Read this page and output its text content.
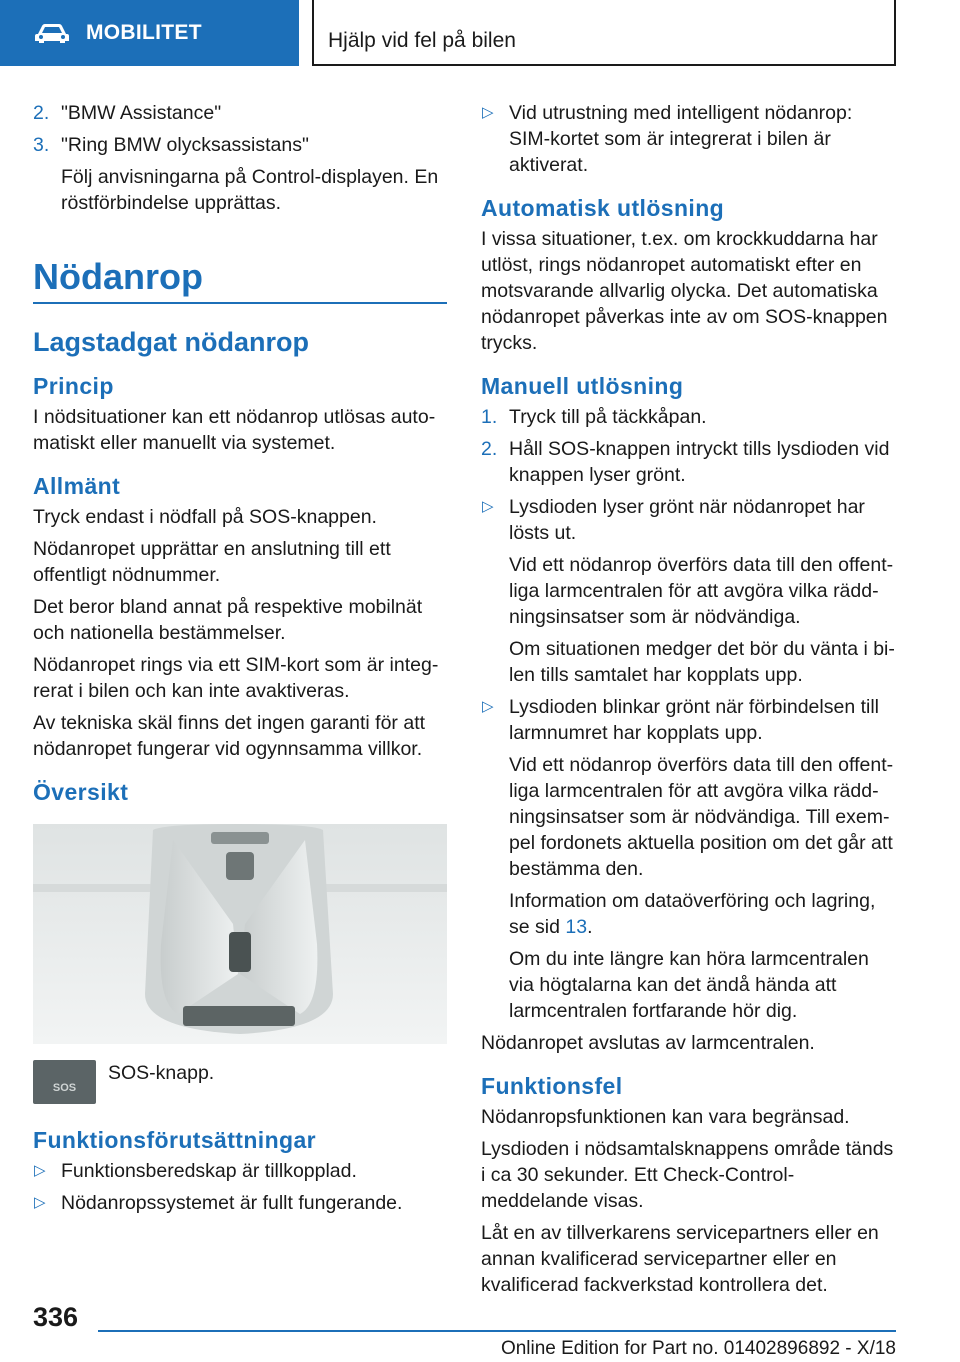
MOBILITET	Hjälp vid fel på bilen
2. "BMW Assistance"
3. "Ring BMW olycksassistans"
Följ anvisningarna på Control-displayen. En röstförbindelse upprättas.
Nödanrop
Lagstadgat nödanrop
Princip
I nödsituationer kan ett nödanrop utlösas automatiskt eller manuellt via systemet.
Allmänt
Tryck endast i nödfall på SOS-knappen.
Nödanropet upprättar en anslutning till ett offentligt nödnummer.
Det beror bland annat på respektive mobilnät och nationella bestämmelser.
Nödanropet rings via ett SIM-kort som är integrerat i bilen och kan inte avaktiveras.
Av tekniska skäl finns det ingen garanti för att nödanropet fungerar vid ogynnsamma villkor.
Översikt
SOS
SOS-knapp.
Funktionsförutsättningar
▷ Funktionsberedskap är tillkopplad.
▷ Nödanropssystemet är fullt fungerande.
▷ Vid utrustning med intelligent nödanrop: SIM-kortet som är integrerat i bilen är aktiverat.
Automatisk utlösning
I vissa situationer, t.ex. om krockkuddarna har utlöst, rings nödanropet automatiskt efter en motsvarande allvarlig olycka. Det automatiska nödanropet påverkas inte av om SOS-knappen trycks.
Manuell utlösning
1. Tryck till på täckkåpan.
2. Håll SOS-knappen intryckt tills lysdioden vid knappen lyser grönt.
▷ Lysdioden lyser grönt när nödanropet har lösts ut.
Vid ett nödanrop överförs data till den offentliga larmcentralen för att avgöra vilka räddningsinsatser som är nödvändiga.
Om situationen medger det bör du vänta i bilen tills samtalet har kopplats upp.
▷ Lysdioden blinkar grönt när förbindelsen till larmnumret har kopplats upp.
Vid ett nödanrop överförs data till den offentliga larmcentralen för att avgöra vilka räddningsinsatser som är nödvändiga. Till exempel fordonets aktuella position om det går att bestämma den.
Information om dataöverföring och lagring, se sid 13.
Om du inte längre kan höra larmcentralen via högtalarna kan det ändå hända att larmcentralen fortfarande hör dig.
Nödanropet avslutas av larmcentralen.
Funktionsfel
Nödanropsfunktionen kan vara begränsad.
Lysdioden i nödsamtalsknappens område tänds i ca 30 sekunder. Ett Check-Control-meddelande visas.
Låt en av tillverkarens servicepartners eller en annan kvalificerad servicepartner eller en kvalificerad fackverkstad kontrollera det.
336
Online Edition for Part no. 01402896892 - X/18
